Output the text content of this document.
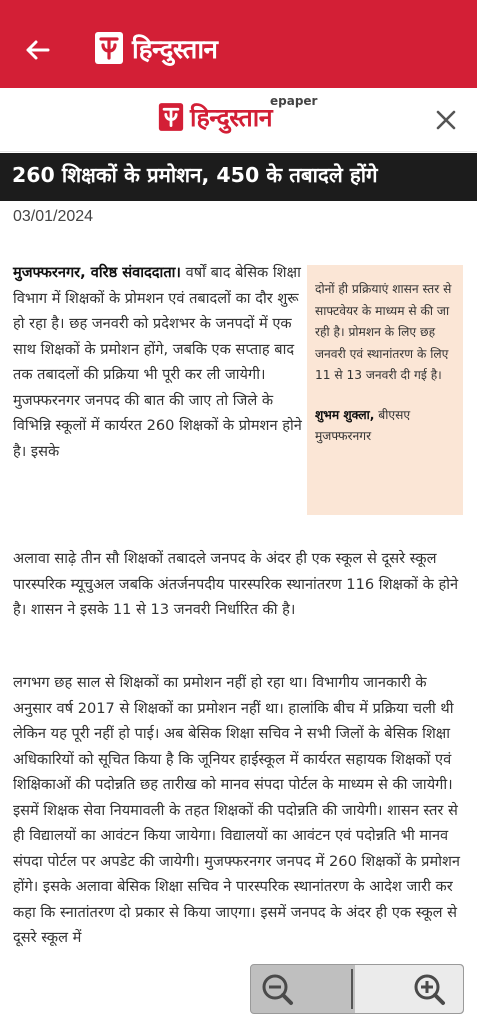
हिन्दुस्तान
हिन्दुस्तान
epaper
260 शिक्षकों के प्रमोशन, 450 के तबादले होंगे
03/01/2024
मुजफ्फरनगर, वरिष्ठ संवाददाता। वर्षों बाद बेसिक शिक्षा विभाग में शिक्षकों के प्रोमशन एवं तबादलों का दौर शुरू हो रहा है। छह जनवरी को प्रदेशभर के जनपदों में एक साथ शिक्षकों के प्रमोशन होंगे, जबकि एक सप्ताह बाद तक तबादलों की प्रक्रिया भी पूरी कर ली जायेगी। मुजफ्फरनगर जनपद की बात की जाए तो जिले के विभिन्नि स्कूलों में कार्यरत 260 शिक्षकों के प्रोमशन होने है। इसके
दोनों ही प्रक्रियाएं शासन स्तर से साफ्टवेयर के माध्यम से की जा रही है। प्रोमशन के लिए छह जनवरी एवं स्थानांतरण के लिए 11 से 13 जनवरी दी गई है।
शुभम शुक्ला, बीएसए मुजफ्फरनगर
अलावा साढ़े तीन सौ शिक्षकों तबादले जनपद के अंदर ही एक स्कूल से दूसरे स्कूल पारस्परिक म्यूचुअल जबकि अंतर्जनपदीय पारस्परिक स्थानांतरण 116 शिक्षकों के होने है। शासन ने इसके 11 से 13 जनवरी निर्धारित की है।
लगभग छह साल से शिक्षकों का प्रमोशन नहीं हो रहा था। विभागीय जानकारी के अनुसार वर्ष 2017 से शिक्षकों का प्रमोशन नहीं था। हालांकि बीच में प्रक्रिया चली थी लेकिन यह पूरी नहीं हो पाई। अब बेसिक शिक्षा सचिव ने सभी जिलों के बेसिक शिक्षा अधिकारियों को सूचित किया है कि जूनियर हाईस्कूल में कार्यरत सहायक शिक्षकों एवं शिक्षिकाओं की पदोन्नति छह तारीख को मानव संपदा पोर्टल के माध्यम से की जायेगी। इसमें शिक्षक सेवा नियमावली के तहत शिक्षकों की पदोन्नति की जायेगी। शासन स्तर से ही विद्यालयों का आवंटन किया जायेगा। विद्यालयों का आवंटन एवं पदोन्नति भी मानव संपदा पोर्टल पर अपडेट की जायेगी। मुजफ्फरनगर जनपद में 260 शिक्षकों के प्रमोशन होंगे। इसके अलावा बेसिक शिक्षा सचिव ने पारस्परिक स्थानांतरण के आदेश जारी कर कहा कि स्नातांतरण दो प्रकार से किया जाएगा। इसमें जनपद के अंदर ही एक स्कूल से दूसरे स्कूल में
